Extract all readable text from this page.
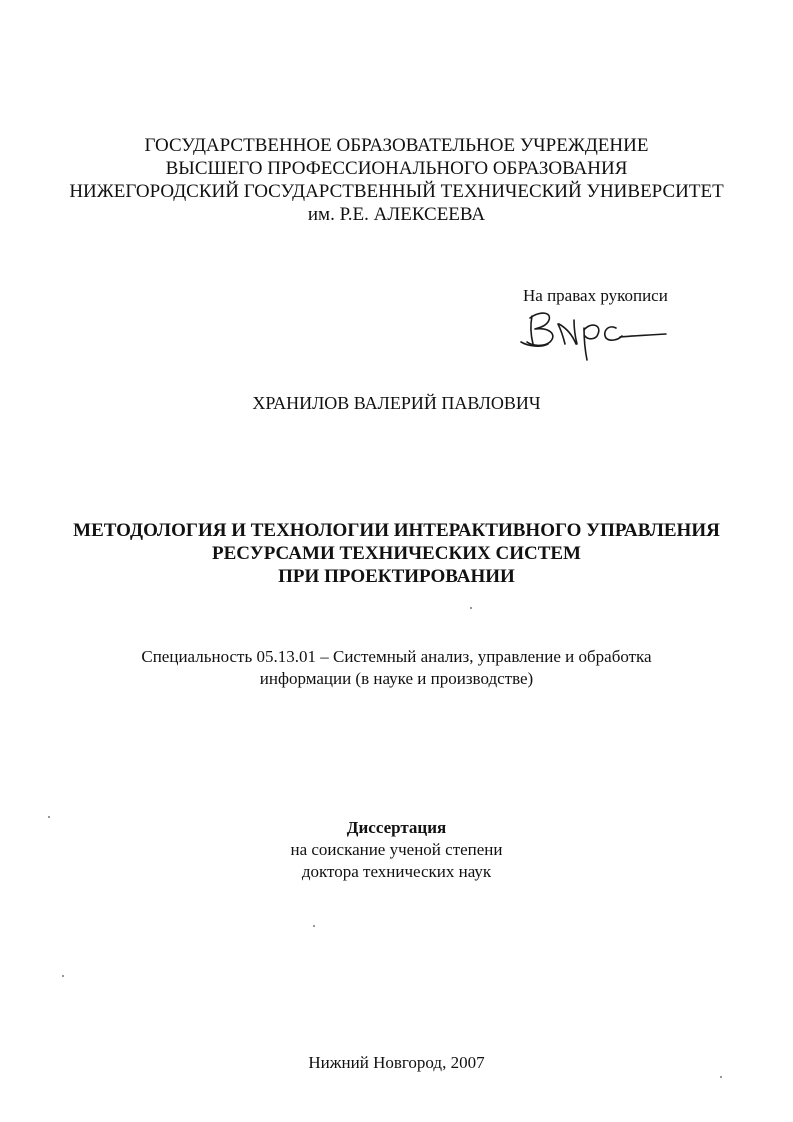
ГОСУДАРСТВЕННОЕ ОБРАЗОВАТЕЛЬНОЕ УЧРЕЖДЕНИЕ
ВЫСШЕГО ПРОФЕССИОНАЛЬНОГО ОБРАЗОВАНИЯ
НИЖЕГОРОДСКИЙ ГОСУДАРСТВЕННЫЙ ТЕХНИЧЕСКИЙ УНИВЕРСИТЕТ
им. Р.Е. АЛЕКСЕЕВА
На правах рукописи
ХРАНИЛОВ ВАЛЕРИЙ ПАВЛОВИЧ
МЕТОДОЛОГИЯ И ТЕХНОЛОГИИ ИНТЕРАКТИВНОГО УПРАВЛЕНИЯ
РЕСУРСАМИ ТЕХНИЧЕСКИХ СИСТЕМ
ПРИ ПРОЕКТИРОВАНИИ
Специальность 05.13.01 – Системный анализ, управление и обработка
информации (в науке и производстве)
Диссертация
на соискание ученой степени
доктора технических наук
Нижний Новгород, 2007
